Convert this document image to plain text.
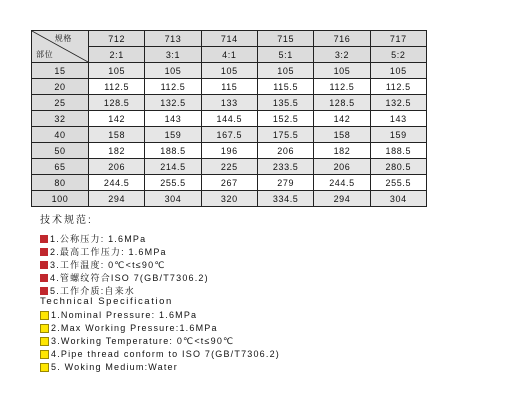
规格
部位	712	713	714	715	716	717
	2:1	3:1	4:1	5:1	3:2	5:2
15	105	105	105	105	105	105
20	112.5	112.5	115	115.5	112.5	112.5
25	128.5	132.5	133	135.5	128.5	132.5
32	142	143	144.5	152.5	142	143
40	158	159	167.5	175.5	158	159
50	182	188.5	196	206	182	188.5
65	206	214.5	225	233.5	206	280.5
80	244.5	255.5	267	279	244.5	255.5
100	294	304	320	334.5	294	304
技术规范:
1.公称压力: 1.6MPa
2.最高工作压力: 1.6MPa
3.工作温度: 0℃<t≤90℃
4.管螺纹符合ISO 7(GB/T7306.2)
5.工作介质:自来水
Technical Specification
1.Nominal Pressure: 1.6MPa
2.Max Working Pressure:1.6MPa
3.Working Temperature: 0℃<t≤90℃
4.Pipe thread conform to ISO 7(GB/T7306.2)
5. Woking Medium:Water
